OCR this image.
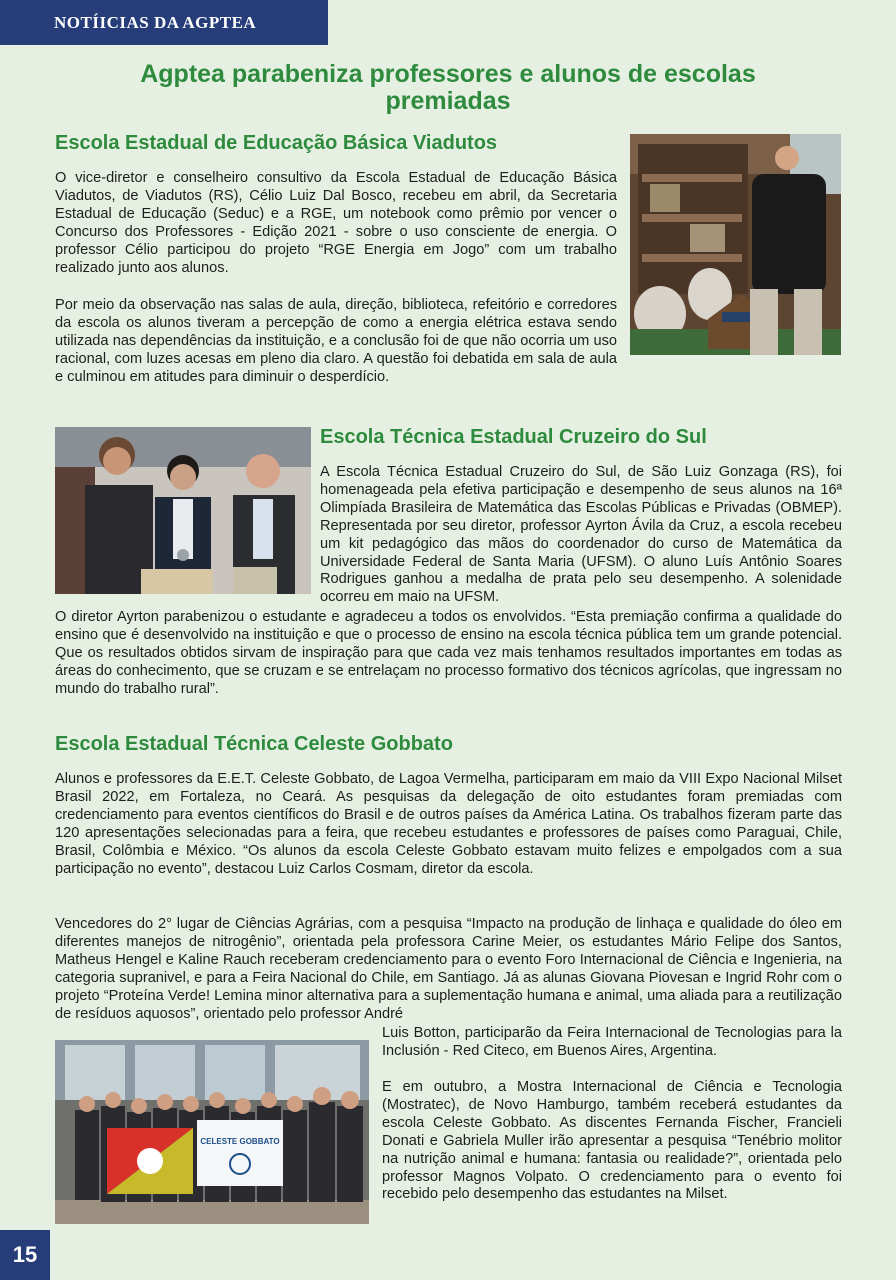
NOTÍICIAS DA AGPTEA
Agptea parabeniza professores e alunos de escolas premiadas
Escola Estadual de Educação Básica Viadutos

O vice-diretor e conselheiro consultivo da Escola Estadual de Educação Básica Viadutos, de Viadutos (RS), Célio Luiz Dal Bosco, recebeu em abril, da Secretaria Estadual de Educação (Seduc) e a RGE, um notebook como prêmio por vencer o Concurso dos Professores - Edição 2021 - sobre o uso consciente de energia. O professor Célio participou do projeto “RGE Energia em Jogo” com um trabalho realizado junto aos alunos.

Por meio da observação nas salas de aula, direção, biblioteca, refeitório e corredores da escola os alunos tiveram a percepção de como a energia elétrica estava sendo utilizada nas dependências da instituição, e a conclusão foi de que não ocorria um uso racional, com luzes acesas em pleno dia claro. A questão foi debatida em sala de aula e culminou em atitudes para diminuir o desperdício.

Escola Técnica Estadual Cruzeiro do Sul

A Escola Técnica Estadual Cruzeiro do Sul, de São Luiz Gonzaga (RS), foi homenageada pela efetiva participação e desempenho de seus alunos na 16ª Olimpíada Brasileira de Matemática das Escolas Públicas e Privadas (OBMEP). Representada por seu diretor, professor Ayrton Ávila da Cruz, a escola recebeu um kit pedagógico das mãos do coordenador do curso de Matemática da Universidade Federal de Santa Maria (UFSM). O aluno Luís Antônio Soares Rodrigues ganhou a medalha de prata pelo seu desempenho. A solenidade ocorreu em maio na UFSM.

O diretor Ayrton parabenizou o estudante e agradeceu a todos os envolvidos. “Esta premiação confirma a qualidade do ensino que é desenvolvido na instituição e que o processo de ensino na escola técnica pública tem um grande potencial. Que os resultados obtidos sirvam de inspiração para que cada vez mais tenhamos resultados importantes em todas as áreas do conhecimento, que se cruzam e se entrelaçam no processo formativo dos técnicos agrícolas, que ingressam no mundo do trabalho rural”.

Escola Estadual Técnica Celeste Gobbato

Alunos e professores da E.E.T. Celeste Gobbato, de Lagoa Vermelha, participaram em maio da VIII Expo Nacional Milset Brasil 2022, em Fortaleza, no Ceará. As pesquisas da delegação de oito estudantes foram premiadas com credenciamento para eventos científicos do Brasil e de outros países da América Latina. Os trabalhos fizeram parte das 120 apresentações selecionadas para a feira, que recebeu estudantes e professores de países como Paraguai, Chile, Brasil, Colômbia e México. “Os alunos da escola Celeste Gobbato estavam muito felizes e empolgados com a sua participação no evento”, destacou Luiz Carlos Cosmam, diretor da escola.

Vencedores do 2° lugar de Ciências Agrárias, com a pesquisa “Impacto na produção de linhaça e qualidade do óleo em diferentes manejos de nitrogênio”, orientada pela professora Carine Meier, os estudantes Mário Felipe dos Santos, Matheus Hengel e Kaline Rauch receberam credenciamento para o evento Foro Internacional de Ciência e Ingenieria, na categoria supranivel, e para a Feira Nacional do Chile, em Santiago. Já as alunas Giovana Piovesan e Ingrid Rohr com o projeto “Proteína Verde! Lemina minor alternativa para a suplementação humana e animal, uma aliada para a reutilização de resíduos aquosos”, orientado pelo professor André

Luis Botton, participarão da Feira Internacional de Tecnologias para la Inclusión - Red Citeco, em Buenos Aires, Argentina.

E em outubro, a Mostra Internacional de Ciência e Tecnologia (Mostratec), de Novo Hamburgo, também receberá estudantes da escola Celeste Gobbato. As discentes Fernanda Fischer, Francieli Donati e Gabriela Muller irão apresentar a pesquisa “Tenébrio molitor na nutrição animal e humana: fantasia ou realidade?”, orientada pelo professor Magnos Volpato. O credenciamento para o evento foi recebido pelo desempenho das estudantes na Milset.

CELESTE GOBBATO
15
